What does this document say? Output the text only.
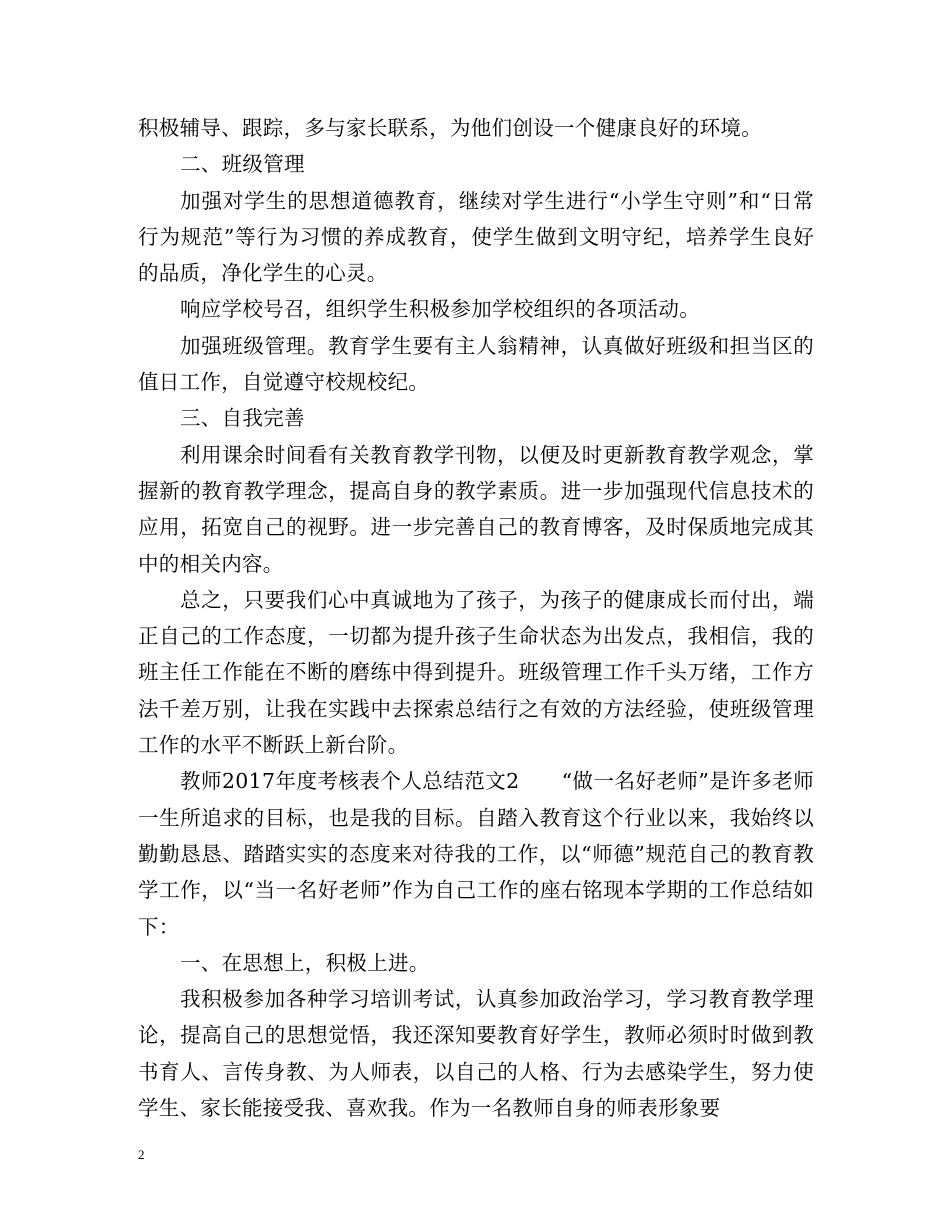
积极辅导、跟踪，多与家长联系，为他们创设一个健康良好的环境。

二、班级管理

加强对学生的思想道德教育，继续对学生进行“小学生守则”和“日常行为规范”等行为习惯的养成教育，使学生做到文明守纪，培养学生良好的品质，净化学生的心灵。

响应学校号召，组织学生积极参加学校组织的各项活动。

加强班级管理。教育学生要有主人翁精神，认真做好班级和担当区的值日工作，自觉遵守校规校纪。

三、自我完善

利用课余时间看有关教育教学刊物，以便及时更新教育教学观念，掌握新的教育教学理念，提高自身的教学素质。进一步加强现代信息技术的应用，拓宽自己的视野。进一步完善自己的教育博客，及时保质地完成其中的相关内容。

总之，只要我们心中真诚地为了孩子，为孩子的健康成长而付出，端正自己的工作态度，一切都为提升孩子生命状态为出发点，我相信，我的班主任工作能在不断的磨练中得到提升。班级管理工作千头万绪，工作方法千差万别，让我在实践中去探索总结行之有效的方法经验，使班级管理工作的水平不断跃上新台阶。

教师2017年度考核表个人总结范文2　　“做一名好老师”是许多老师一生所追求的目标，也是我的目标。自踏入教育这个行业以来，我始终以勤勤恳恳、踏踏实实的态度来对待我的工作，以“师德”规范自己的教育教学工作，以“当一名好老师”作为自己工作的座右铭现本学期的工作总结如下：

一、在思想上，积极上进。

我积极参加各种学习培训考试，认真参加政治学习，学习教育教学理论，提高自己的思想觉悟，我还深知要教育好学生，教师必须时时做到教书育人、言传身教、为人师表，以自己的人格、行为去感染学生，努力使学生、家长能接受我、喜欢我。作为一名教师自身的师表形象要

2
